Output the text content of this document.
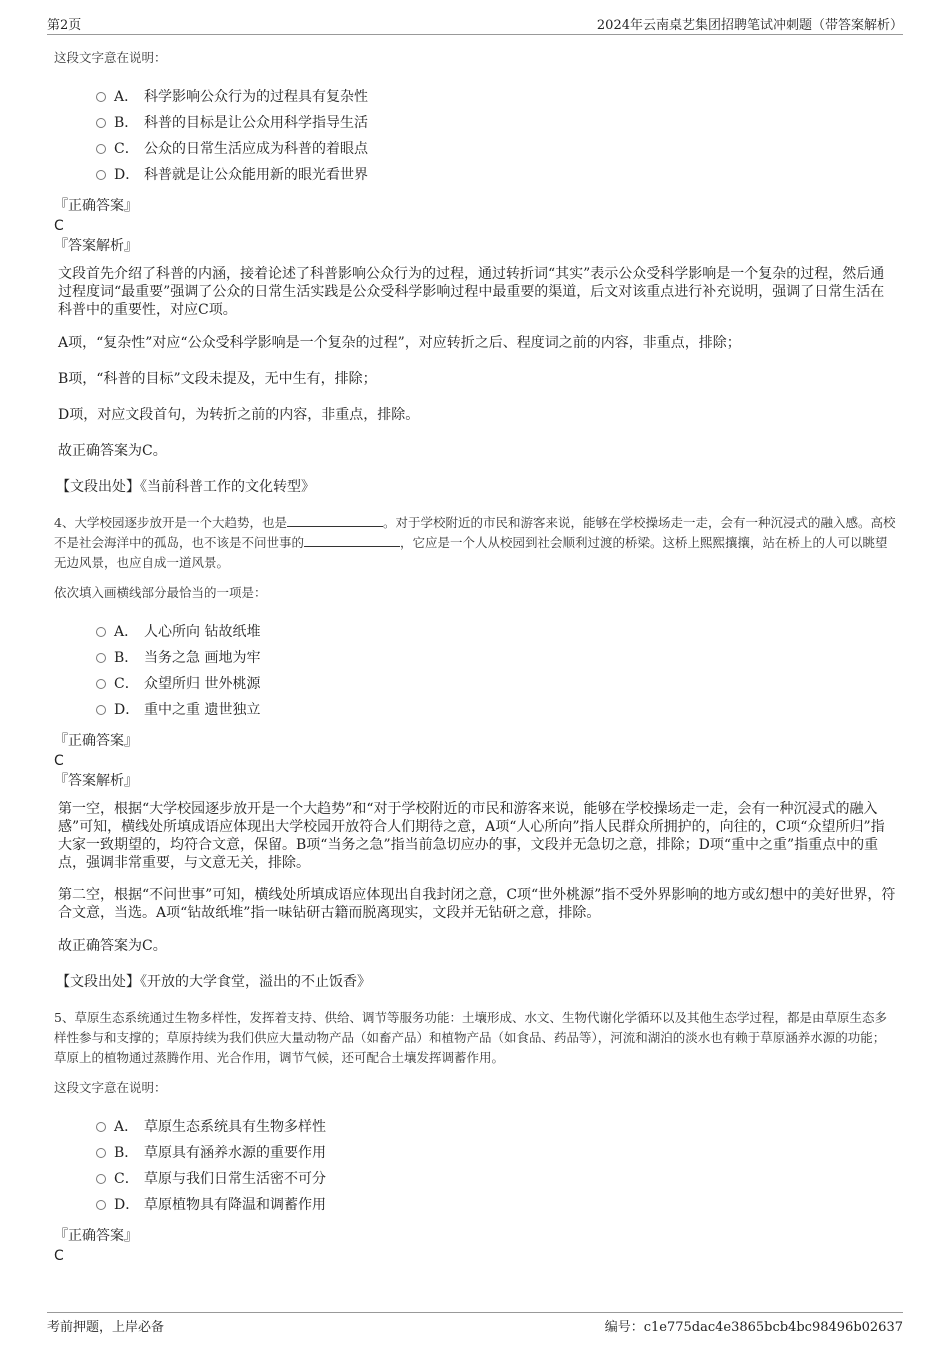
第2页	2024年云南桌艺集团招聘笔试冲刺题（带答案解析）
这段文字意在说明：
A． 科学影响公众行为的过程具有复杂性
B． 科普的目标是让公众用科学指导生活
C． 公众的日常生活应成为科普的着眼点
D． 科普就是让公众能用新的眼光看世界
『正确答案』
C
『答案解析』
文段首先介绍了科普的内涵，接着论述了科普影响公众行为的过程，通过转折词“其实”表示公众受科学影响是一个复杂的过程，然后通过程度词“最重要”强调了公众的日常生活实践是公众受科学影响过程中最重要的渠道，后文对该重点进行补充说明，强调了日常生活在科普中的重要性，对应C项。
A项，“复杂性”对应“公众受科学影响是一个复杂的过程”，对应转折之后、程度词之前的内容，非重点，排除；
B项，“科普的目标”文段未提及，无中生有，排除；
D项，对应文段首句，为转折之前的内容，非重点，排除。
故正确答案为C。
【文段出处】《当前科普工作的文化转型》
4、大学校园逐步放开是一个大趋势，也是	。对于学校附近的市民和游客来说，能够在学校操场走一走，会有一种沉浸式的融入感。高校不是社会海洋中的孤岛，也不该是不问世事的	，它应是一个人从校园到社会顺利过渡的桥梁。这桥上熙熙攘攘，站在桥上的人可以眺望无边风景，也应自成一道风景。
依次填入画横线部分最恰当的一项是：
A． 人心所向 钻故纸堆
B． 当务之急 画地为牢
C． 众望所归 世外桃源
D． 重中之重 遗世独立
『正确答案』
C
『答案解析』
第一空，根据“大学校园逐步放开是一个大趋势”和“对于学校附近的市民和游客来说，能够在学校操场走一走，会有一种沉浸式的融入感”可知，横线处所填成语应体现出大学校园开放符合人们期待之意，A项“人心所向”指人民群众所拥护的，向往的，C项“众望所归”指大家一致期望的，均符合文意，保留。B项“当务之急”指当前急切应办的事，文段并无急切之意，排除；D项“重中之重”指重点中的重点，强调非常重要，与文意无关，排除。
第二空，根据“不问世事”可知，横线处所填成语应体现出自我封闭之意，C项“世外桃源”指不受外界影响的地方或幻想中的美好世界，符合文意，当选。A项“钻故纸堆”指一味钻研古籍而脱离现实，文段并无钻研之意，排除。
故正确答案为C。
【文段出处】《开放的大学食堂，溢出的不止饭香》
5、草原生态系统通过生物多样性，发挥着支持、供给、调节等服务功能：土壤形成、水文、生物代谢化学循环以及其他生态学过程，都是由草原生态多样性参与和支撑的；草原持续为我们供应大量动物产品（如畜产品）和植物产品（如食品、药品等），河流和湖泊的淡水也有赖于草原涵养水源的功能；草原上的植物通过蒸腾作用、光合作用，调节气候，还可配合土壤发挥调蓄作用。
这段文字意在说明：
A． 草原生态系统具有生物多样性
B． 草原具有涵养水源的重要作用
C． 草原与我们日常生活密不可分
D． 草原植物具有降温和调蓄作用
『正确答案』
C
考前押题，上岸必备	编号：c1e775dac4e3865bcb4bc98496b02637
